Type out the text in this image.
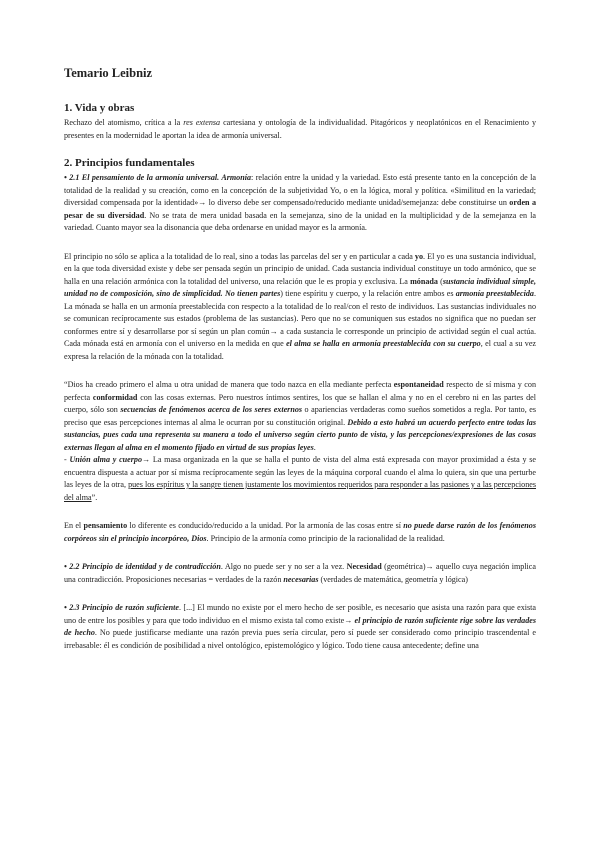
Temario Leibniz
1. Vida y obras

Rechazo del atomismo, crítica a la res extensa cartesiana y ontología de la individualidad. Pitagóricos y neoplatónicos en el Renacimiento y presentes en la modernidad le aportan la idea de armonía universal.

2. Principios fundamentales

• 2.1 El pensamiento de la armonía universal. Armonía: relación entre la unidad y la variedad. Esto está presente tanto en la concepción de la totalidad de la realidad y su creación, como en la concepción de la subjetividad Yo, o en la lógica, moral y política. «Similitud en la variedad; diversidad compensada por la identidad»→ lo diverso debe ser compensado/reducido mediante unidad/semejanza: debe constituirse un orden a pesar de su diversidad. No se trata de mera unidad basada en la semejanza, sino de la unidad en la multiplicidad y de la semejanza en la variedad. Cuanto mayor sea la disonancia que deba ordenarse en unidad mayor es la armonía.

El principio no sólo se aplica a la totalidad de lo real, sino a todas las parcelas del ser y en particular a cada yo. El yo es una sustancia individual, en la que toda diversidad existe y debe ser pensada según un principio de unidad. Cada sustancia individual constituye un todo armónico, que se halla en una relación armónica con la totalidad del universo, una relación que le es propia y exclusiva. La mónada (sustancia individual simple, unidad no de composición, sino de simplicidad. No tienen partes) tiene espíritu y cuerpo, y la relación entre ambos es armonía preestablecida. La mónada se halla en un armonía preestablecida con respecto a la totalidad de lo real/con el resto de individuos. Las sustancias individuales no se comunican recíprocamente sus estados (problema de las sustancias). Pero que no se comuniquen sus estados no significa que no puedan ser conformes entre sí y desarrollarse por sí según un plan común→ a cada sustancia le corresponde un principio de actividad según el cual actúa. Cada mónada está en armonía con el universo en la medida en que el alma se halla en armonía preestablecida con su cuerpo, el cual a su vez expresa la relación de la mónada con la totalidad.

“Dios ha creado primero el alma u otra unidad de manera que todo nazca en ella mediante perfecta espontaneidad respecto de sí misma y con perfecta conformidad con las cosas externas. Pero nuestros íntimos sentires, los que se hallan el alma y no en el cerebro ni en las partes del cuerpo, sólo son secuencias de fenómenos acerca de los seres externos o apariencias verdaderas como sueños sometidos a regla. Por tanto, es preciso que esas percepciones internas al alma le ocurran por su constitución original. Debido a esto habrá un acuerdo perfecto entre todas las sustancias, pues cada una representa su manera a todo el universo según cierto punto de vista, y las percepciones/expresiones de las cosas externas llegan al alma en el momento fijado en virtud de sus propias leyes.
- Unión alma y cuerpo→ La masa organizada en la que se halla el punto de vista del alma está expresada con mayor proximidad a ésta y se encuentra dispuesta a actuar por sí misma recíprocamente según las leyes de la máquina corporal cuando el alma lo quiera, sin que una perturbe las leyes de la otra, pues los espíritus y la sangre tienen justamente los movimientos requeridos para responder a las pasiones y a las percepciones del alma”.

En el pensamiento lo diferente es conducido/reducido a la unidad. Por la armonía de las cosas entre sí no puede darse razón de los fenómenos corpóreos sin el principio incorpóreo, Dios. Principio de la armonía como principio de la racionalidad de la realidad.

• 2.2 Principio de identidad y de contradicción. Algo no puede ser y no ser a la vez. Necesidad (geométrica)→ aquello cuya negación implica una contradicción. Proposiciones necesarias = verdades de la razón necesarias (verdades de matemática, geometría y lógica)

• 2.3 Principio de razón suficiente. [...] El mundo no existe por el mero hecho de ser posible, es necesario que asista una razón para que exista uno de entre los posibles y para que todo individuo en el mismo exista tal como existe→ el principio de razón suficiente rige sobre las verdades de hecho. No puede justificarse mediante una razón previa pues sería circular, pero sí puede ser considerado como principio trascendental e irrebasable: él es condición de posibilidad a nivel ontológico, epistemológico y lógico. Todo tiene causa antecedente; define una
